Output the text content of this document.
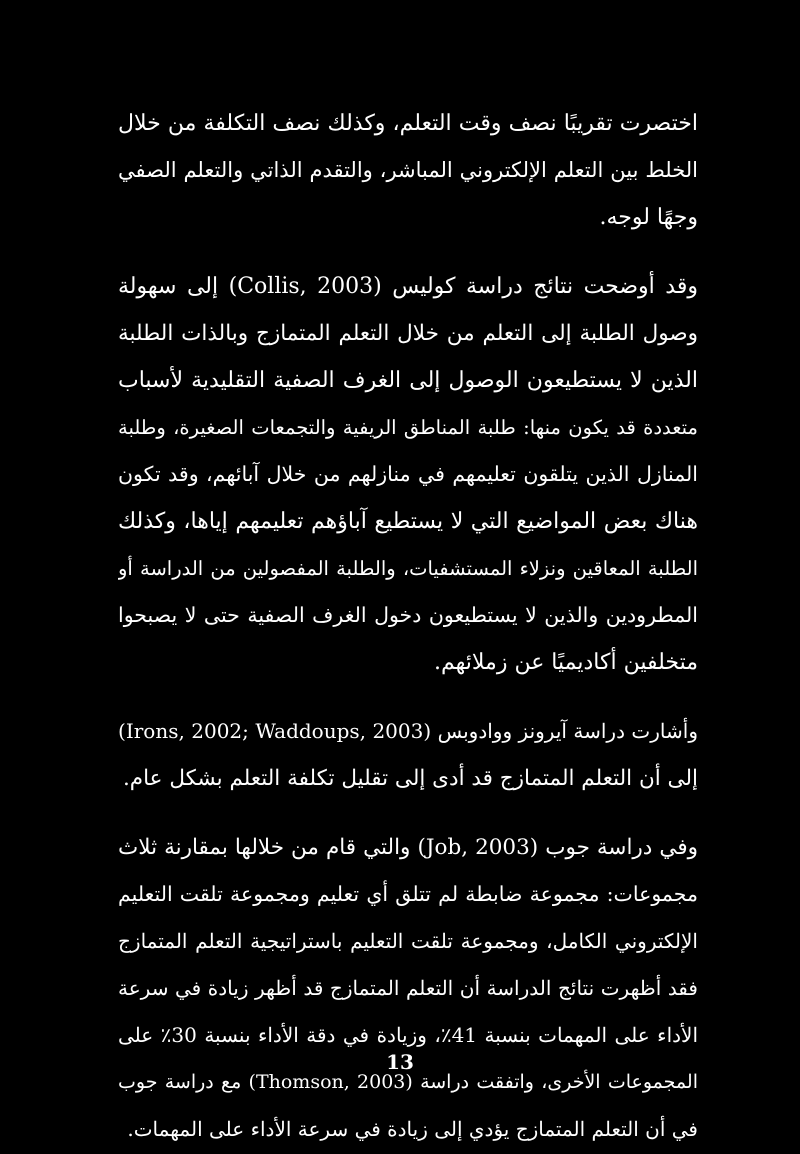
اختصرت تقريبًا نصف وقت التعلم، وكذلك نصف التكلفة من خلال
الخلط بين التعلم الإلكتروني المباشر، والتقدم الذاتي والتعلم الصفي
وجهًا لوجه.
وقد أوضحت نتائج دراسة كوليس (Collis, 2003) إلى سهولة
وصول الطلبة إلى التعلم من خلال التعلم المتمازج وبالذات الطلبة
الذين لا يستطيعون الوصول إلى الغرف الصفية التقليدية لأسباب
متعددة قد يكون منها: طلبة المناطق الريفية والتجمعات الصغيرة، وطلبة
المنازل الذين يتلقون تعليمهم في منازلهم من خلال آبائهم، وقد تكون
هناك بعض المواضيع التي لا يستطيع آباؤهم تعليمهم إياها، وكذلك
الطلبة المعاقين ونزلاء المستشفيات، والطلبة المفصولين من الدراسة أو
المطرودين والذين لا يستطيعون دخول الغرف الصفية حتى لا يصبحوا
متخلفين أكاديميًا عن زملائهم.
وأشارت دراسة آيرونز ووادوبس (Irons, 2002; Waddoups, 2003)
إلى أن التعلم المتمازج قد أدى إلى تقليل تكلفة التعلم بشكل عام.
وفي دراسة جوب (Job, 2003) والتي قام من خلالها بمقارنة ثلاث
مجموعات: مجموعة ضابطة لم تتلق أي تعليم ومجموعة تلقت التعليم
الإلكتروني الكامل، ومجموعة تلقت التعليم باستراتيجية التعلم المتمازج
فقد أظهرت نتائج الدراسة أن التعلم المتمازج قد أظهر زيادة في سرعة
الأداء على المهمات بنسبة 41٪، وزيادة في دقة الأداء بنسبة 30٪ على
المجموعات الأخرى، واتفقت دراسة (Thomson, 2003) مع دراسة جوب
في أن التعلم المتمازج يؤدي إلى زيادة في سرعة الأداء على المهمات.
13
